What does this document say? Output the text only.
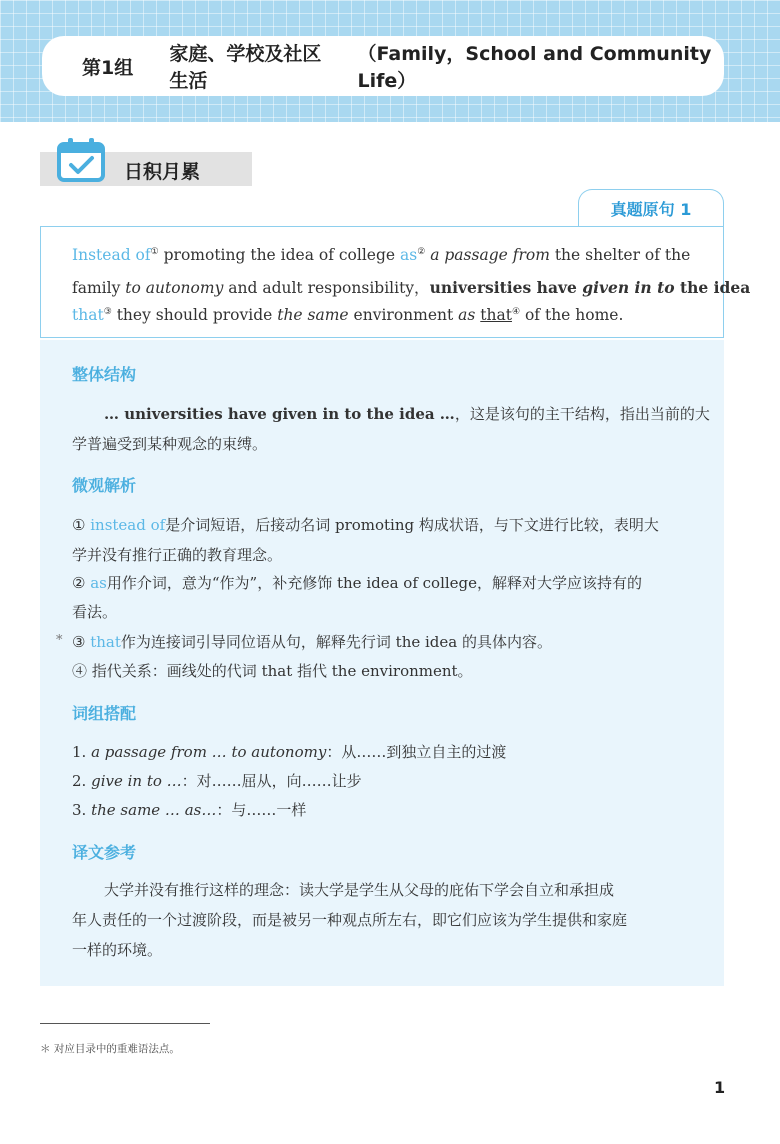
第1组
家庭、学校及社区生活
（Family，School and Community Life）
日积月累
真题原句 1
Instead of① promoting the idea of college as② a passage from the shelter of the
family to autonomy and adult responsibility，universities have given in to the idea
that③ they should provide the same environment as that④ of the home.
整体结构
… universities have given in to the idea …，这是该句的主干结构，指出当前的大
学普遍受到某种观念的束缚。
微观解析
① instead of是介词短语，后接动名词 promoting 构成状语，与下文进行比较，表明大
学并没有推行正确的教育理念。
② as用作介词，意为“作为”，补充修饰 the idea of college，解释对大学应该持有的
看法。
* ③ that作为连接词引导同位语从句，解释先行词 the idea 的具体内容。
④ 指代关系：画线处的代词 that 指代 the environment。
词组搭配
1. a passage from … to autonomy：从……到独立自主的过渡
2. give in to …：对……屈从，向……让步
3. the same … as…：与……一样
译文参考
大学并没有推行这样的理念：读大学是学生从父母的庇佑下学会自立和承担成
年人责任的一个过渡阶段，而是被另一种观点所左右，即它们应该为学生提供和家庭
一样的环境。
＊ 对应目录中的重难语法点。
1
